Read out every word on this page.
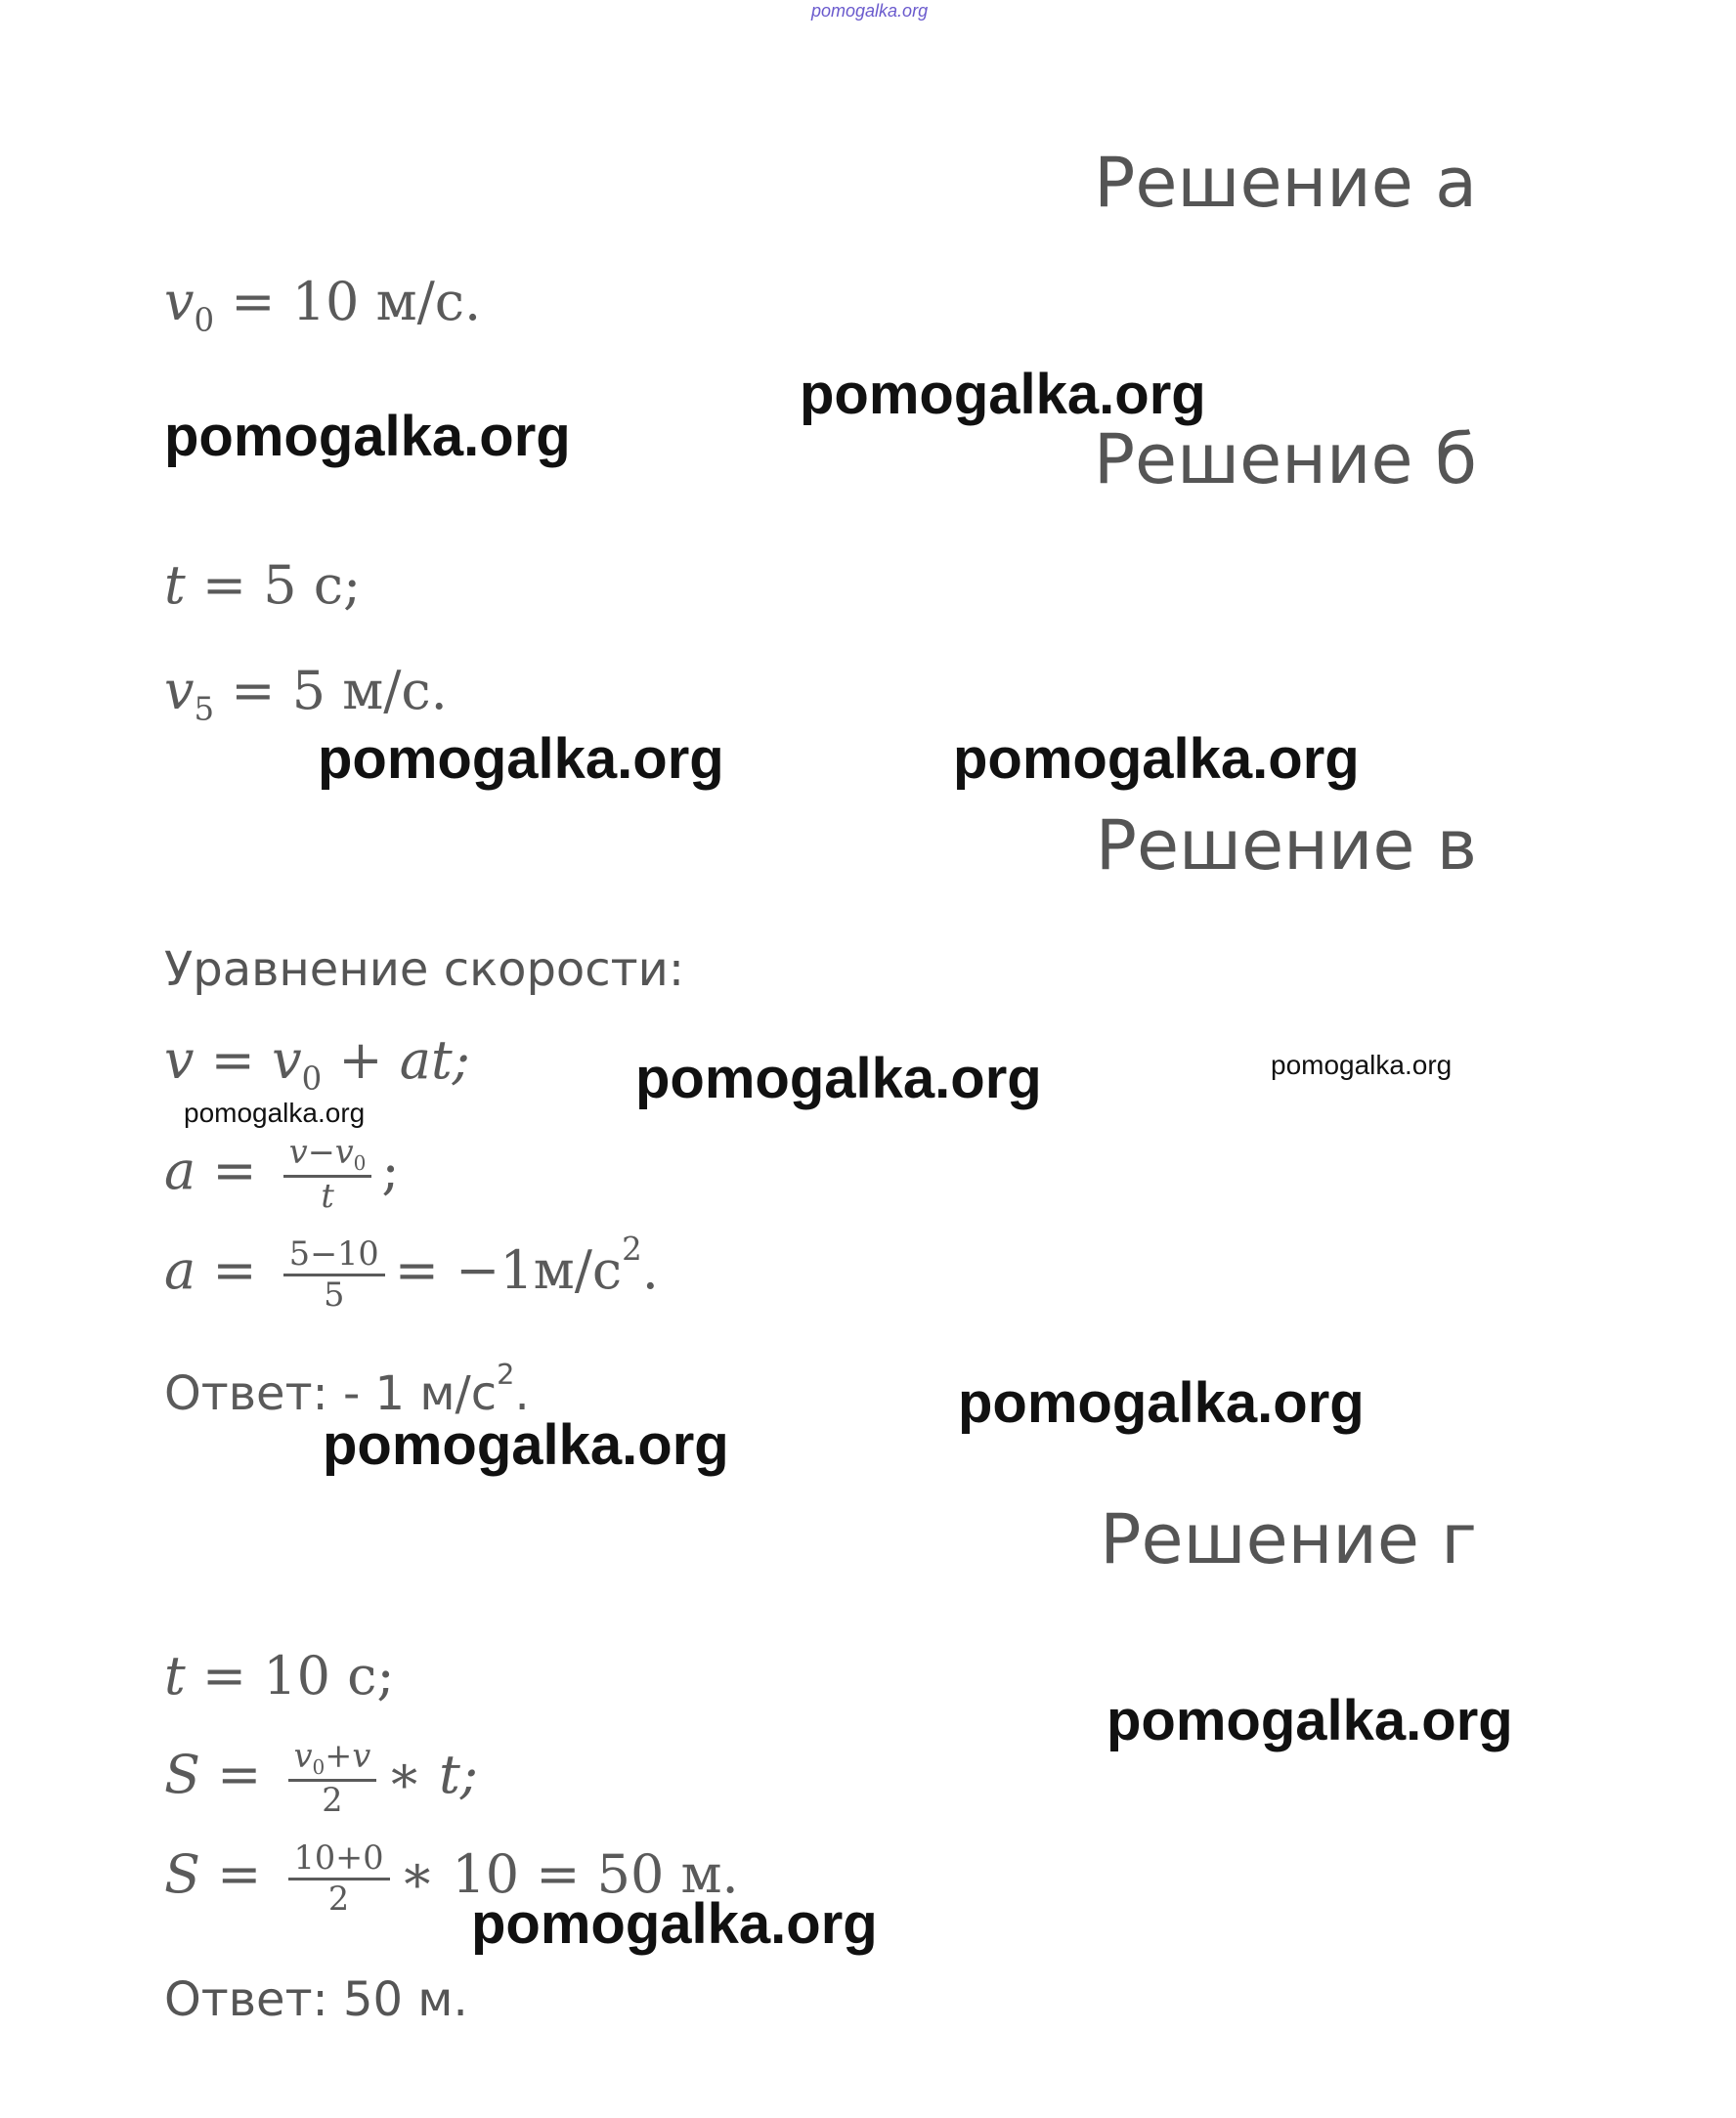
pomogalka.org
Решение а
$v_0 = 10$ м/с.
Решение б
t = 5 с;
$v_5 = 5$ м/с.
Решение в
Уравнение скорости:
$v = v_0$ + at;
$a = \frac{v-v_0}{t}$ ;
$a = \frac{5-10}{5} = -1м/с^2$.
Ответ: - 1 $м/с^2$.
Решение г
t = 10 с;
$S = \frac{v_0+v}{2}$ ∗ t;
$S = \frac{10+0}{2}$ ∗ 10 = 50 м.
Ответ: 50 м.
pomogalka.org
pomogalka.org
pomogalka.org	pomogalka.org
pomogalka.org	pomogalka.org
pomogalka.org
pomogalka.org
pomogalka.org
pomogalka.org
pomogalka.org
